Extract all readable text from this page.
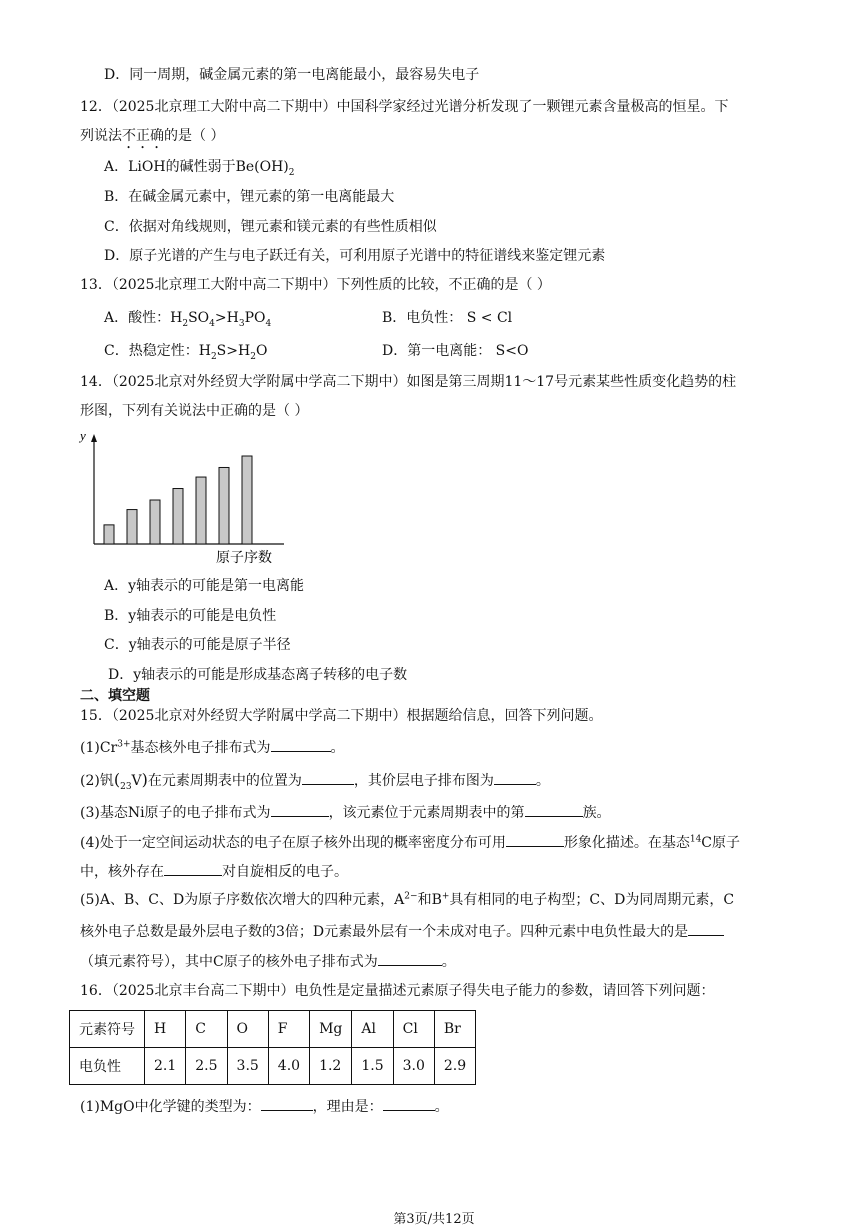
D．同一周期，碱金属元素的第一电离能最小，最容易失电子
12．（2025北京理工大附中高二下期中）中国科学家经过光谱分析发现了一颗锂元素含量极高的恒星。下
列说法不正确的是（ ）
A．LiOH的碱性弱于$Be(OH)_2$
B．在碱金属元素中，锂元素的第一电离能最大
C．依据对角线规则，锂元素和镁元素的有些性质相似
D．原子光谱的产生与电子跃迁有关，可利用原子光谱中的特征谱线来鉴定锂元素
13．（2025北京理工大附中高二下期中）下列性质的比较，不正确的是（ ）
A．酸性：$H_2SO_4>H_3PO_4$	B．电负性： S < Cl
C．热稳定性：$H_2S>H_2O$	D．第一电离能： S<O
14．（2025北京对外经贸大学附属中学高二下期中）如图是第三周期11～17号元素某些性质变化趋势的柱
形图，下列有关说法中正确的是（ ）
y
原子序数
A．y轴表示的可能是第一电离能
B．y轴表示的可能是电负性
C．y轴表示的可能是原子半径
D．y轴表示的可能是形成基态离子转移的电子数
二、填空题
15．（2025北京对外经贸大学附属中学高二下期中）根据题给信息，回答下列问题。
$(1)Cr^{3+}$基态核外电子排布式为	。
(2)钒$(_{23}V)$在元素周期表中的位置为	，其价层电子排布图为	。
(3)基态Ni原子的电子排布式为	，该元素位于元素周期表中的第	族。
(4)处于一定空间运动状态的电子在原子核外出现的概率密度分布可用	形象化描述。在基态$^{14}$C原子
中，核外存在	对自旋相反的电子。
(5)A、B、C、D为原子序数依次增大的四种元素，$A^{2-}$和B+具有相同的电子构型；C、D为同周期元素，C
核外电子总数是最外层电子数的3倍；D元素最外层有一个未成对电子。四种元素中电负性最大的是
（填元素符号），其中C原子的核外电子排布式为	。
16．（2025北京丰台高二下期中）电负性是定量描述元素原子得失电子能力的参数，请回答下列问题：
元素符号	H	C	O	F	Mg	Al	Cl	Br
电负性	2.1	2.5	3.5	4.0	1.2	1.5	3.0	2.9
(1)MgO中化学键的类型为：	，理由是：	。
第3页/共12页
